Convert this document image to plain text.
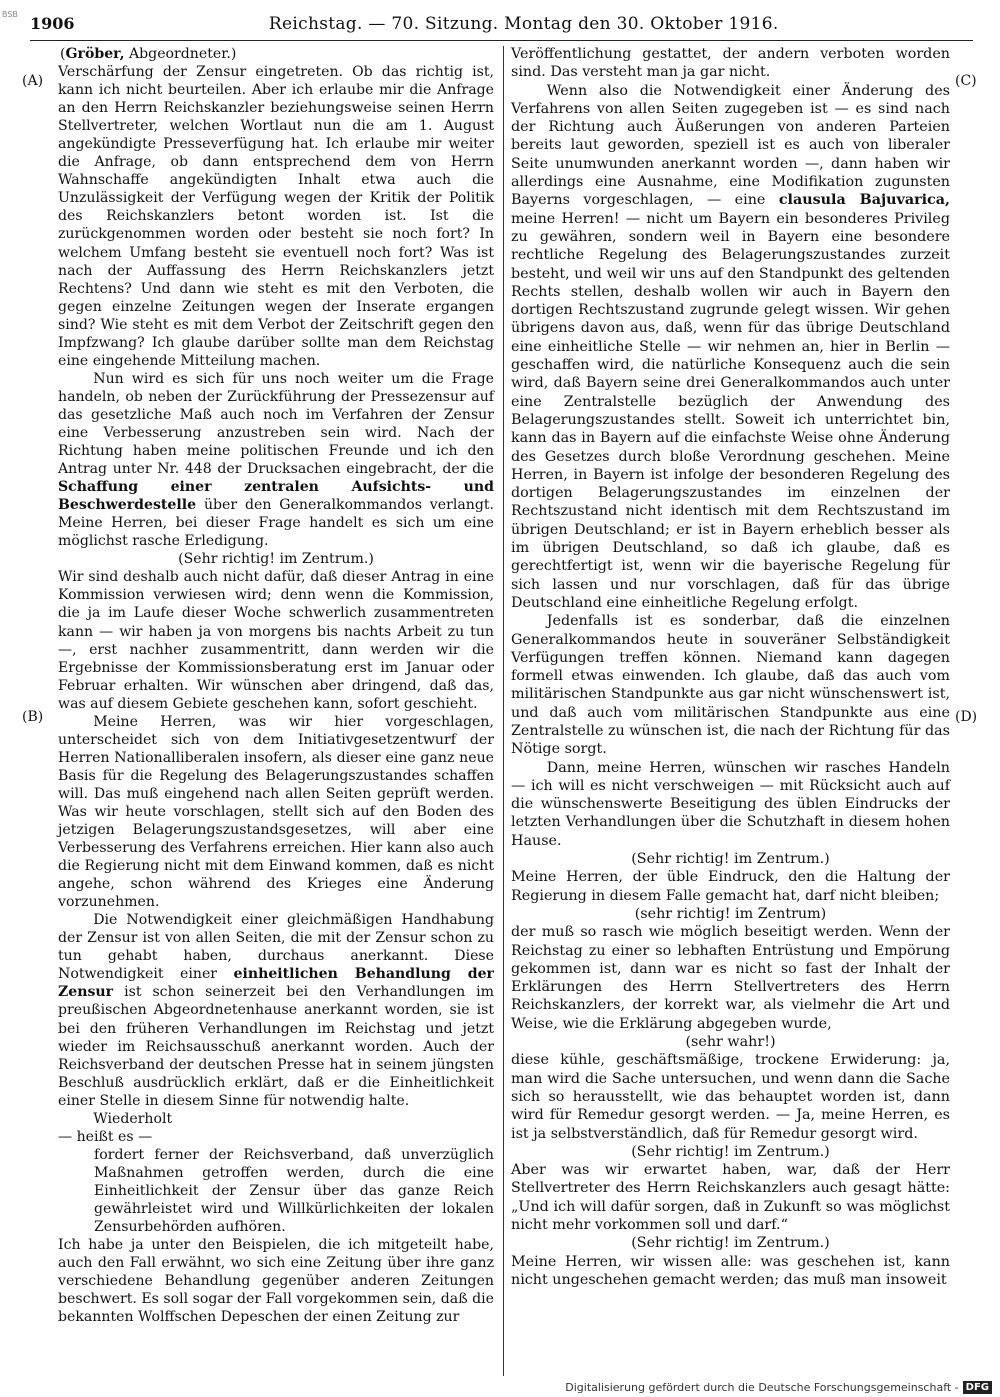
BSB 1906	Reichstag. — 70. Sitzung. Montag den 30. Oktober 1916.
(A)
(B)
(C)
(D)

(Gröber, Abgeordneter.)

Verschärfung der Zensur eingetreten. Ob das richtig ist, kann ich nicht beurteilen. Aber ich erlaube mir die Anfrage an den Herrn Reichskanzler beziehungsweise seinen Herrn Stellvertreter, welchen Wortlaut nun die am 1. August angekündigte Presseverfügung hat. Ich erlaube mir weiter die Anfrage, ob dann entsprechend dem von Herrn Wahnschaffe angekündigten Inhalt etwa auch die Unzulässigkeit der Verfügung wegen der Kritik der Politik des Reichskanzlers betont worden ist. Ist die zurückgenommen worden oder besteht sie noch fort? In welchem Umfang besteht sie eventuell noch fort? Was ist nach der Auffassung des Herrn Reichskanzlers jetzt Rechtens? Und dann wie steht es mit den Verboten, die gegen einzelne Zeitungen wegen der Inserate ergangen sind? Wie steht es mit dem Verbot der Zeitschrift gegen den Impfzwang? Ich glaube darüber sollte man dem Reichstag eine eingehende Mitteilung machen.

Nun wird es sich für uns noch weiter um die Frage handeln, ob neben der Zurückführung der Pressezensur auf das gesetzliche Maß auch noch im Verfahren der Zensur eine Verbesserung anzustreben sein wird. Nach der Richtung haben meine politischen Freunde und ich den Antrag unter Nr. 448 der Drucksachen eingebracht, der die Schaffung einer zentralen Aufsichts- und Beschwerdestelle über den Generalkommandos verlangt. Meine Herren, bei dieser Frage handelt es sich um eine möglichst rasche Erledigung.

(Sehr richtig! im Zentrum.)

Wir sind deshalb auch nicht dafür, daß dieser Antrag in eine Kommission verwiesen wird; denn wenn die Kommission, die ja im Laufe dieser Woche schwerlich zusammentreten kann — wir haben ja von morgens bis nachts Arbeit zu tun —, erst nachher zusammentritt, dann werden wir die Ergebnisse der Kommissionsberatung erst im Januar oder Februar erhalten. Wir wünschen aber dringend, daß das, was auf diesem Gebiete geschehen kann, sofort geschieht.

Meine Herren, was wir hier vorgeschlagen, unterscheidet sich von dem Initiativgesetzentwurf der Herren Nationalliberalen insofern, als dieser eine ganz neue Basis für die Regelung des Belagerungszustandes schaffen will. Das muß eingehend nach allen Seiten geprüft werden. Was wir heute vorschlagen, stellt sich auf den Boden des jetzigen Belagerungszustandsgesetzes, will aber eine Verbesserung des Verfahrens erreichen. Hier kann also auch die Regierung nicht mit dem Einwand kommen, daß es nicht angehe, schon während des Krieges eine Änderung vorzunehmen.

Die Notwendigkeit einer gleichmäßigen Handhabung der Zensur ist von allen Seiten, die mit der Zensur schon zu tun gehabt haben, durchaus anerkannt. Diese Notwendigkeit einer einheitlichen Behandlung der Zensur ist schon seinerzeit bei den Verhandlungen im preußischen Abgeordnetenhause anerkannt worden, sie ist bei den früheren Verhandlungen im Reichstag und jetzt wieder im Reichsausschuß anerkannt worden. Auch der Reichsverband der deutschen Presse hat in seinem jüngsten Beschluß ausdrücklich erklärt, daß er die Einheitlichkeit einer Stelle in diesem Sinne für notwendig halte.

Wiederholt

— heißt es —

fordert ferner der Reichsverband, daß unverzüglich Maßnahmen getroffen werden, durch die eine Einheitlichkeit der Zensur über das ganze Reich gewährleistet wird und Willkürlichkeiten der lokalen Zensurbehörden aufhören.

Ich habe ja unter den Beispielen, die ich mitgeteilt habe, auch den Fall erwähnt, wo sich eine Zeitung über ihre ganz verschiedene Behandlung gegenüber anderen Zeitungen beschwert. Es soll sogar der Fall vorgekommen sein, daß die bekannten Wolffschen Depeschen der einen Zeitung zur

Veröffentlichung gestattet, der andern verboten worden sind. Das versteht man ja gar nicht.

Wenn also die Notwendigkeit einer Änderung des Verfahrens von allen Seiten zugegeben ist — es sind nach der Richtung auch Äußerungen von anderen Parteien bereits laut geworden, speziell ist es auch von liberaler Seite unumwunden anerkannt worden —, dann haben wir allerdings eine Ausnahme, eine Modifikation zugunsten Bayerns vorgeschlagen, — eine clausula Bajuvarica, meine Herren! — nicht um Bayern ein besonderes Privileg zu gewähren, sondern weil in Bayern eine besondere rechtliche Regelung des Belagerungszustandes zurzeit besteht, und weil wir uns auf den Standpunkt des geltenden Rechts stellen, deshalb wollen wir auch in Bayern den dortigen Rechtszustand zugrunde gelegt wissen. Wir gehen übrigens davon aus, daß, wenn für das übrige Deutschland eine einheitliche Stelle — wir nehmen an, hier in Berlin — geschaffen wird, die natürliche Konsequenz auch die sein wird, daß Bayern seine drei Generalkommandos auch unter eine Zentralstelle bezüglich der Anwendung des Belagerungszustandes stellt. Soweit ich unterrichtet bin, kann das in Bayern auf die einfachste Weise ohne Änderung des Gesetzes durch bloße Verordnung geschehen. Meine Herren, in Bayern ist infolge der besonderen Regelung des dortigen Belagerungszustandes im einzelnen der Rechtszustand nicht identisch mit dem Rechtszustand im übrigen Deutschland; er ist in Bayern erheblich besser als im übrigen Deutschland, so daß ich glaube, daß es gerechtfertigt ist, wenn wir die bayerische Regelung für sich lassen und nur vorschlagen, daß für das übrige Deutschland eine einheitliche Regelung erfolgt.

Jedenfalls ist es sonderbar, daß die einzelnen Generalkommandos heute in souveräner Selbständigkeit Verfügungen treffen können. Niemand kann dagegen formell etwas einwenden. Ich glaube, daß das auch vom militärischen Standpunkte aus gar nicht wünschenswert ist, und daß auch vom militärischen Standpunkte aus eine Zentralstelle zu wünschen ist, die nach der Richtung für das Nötige sorgt.

Dann, meine Herren, wünschen wir rasches Handeln — ich will es nicht verschweigen — mit Rücksicht auch auf die wünschenswerte Beseitigung des üblen Eindrucks der letzten Verhandlungen über die Schutzhaft in diesem hohen Hause.

(Sehr richtig! im Zentrum.)

Meine Herren, der üble Eindruck, den die Haltung der Regierung in diesem Falle gemacht hat, darf nicht bleiben;

(sehr richtig! im Zentrum)

der muß so rasch wie möglich beseitigt werden. Wenn der Reichstag zu einer so lebhaften Entrüstung und Empörung gekommen ist, dann war es nicht so fast der Inhalt der Erklärungen des Herrn Stellvertreters des Herrn Reichskanzlers, der korrekt war, als vielmehr die Art und Weise, wie die Erklärung abgegeben wurde,

(sehr wahr!)

diese kühle, geschäftsmäßige, trockene Erwiderung: ja, man wird die Sache untersuchen, und wenn dann die Sache sich so herausstellt, wie das behauptet worden ist, dann wird für Remedur gesorgt werden. — Ja, meine Herren, es ist ja selbstverständlich, daß für Remedur gesorgt wird.

(Sehr richtig! im Zentrum.)

Aber was wir erwartet haben, war, daß der Herr Stellvertreter des Herrn Reichskanzlers auch gesagt hätte: „Und ich will dafür sorgen, daß in Zukunft so was möglichst nicht mehr vorkommen soll und darf.“

(Sehr richtig! im Zentrum.)

Meine Herren, wir wissen alle: was geschehen ist, kann nicht ungeschehen gemacht werden; das muß man insoweit

Digitalisierung gefördert durch die Deutsche Forschungsgemeinschaft - DFG
